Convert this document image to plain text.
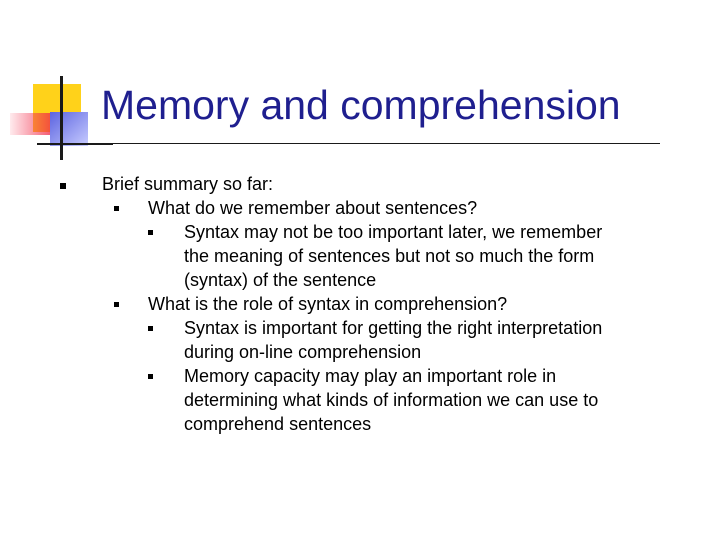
Memory and comprehension
Brief summary so far:
What do we remember about sentences?
Syntax may not be too important later, we remember the meaning of sentences but not so much the form (syntax) of the sentence
What is the role of syntax in comprehension?
Syntax is important for getting the right interpretation during on-line comprehension
Memory capacity may play an important role in determining what kinds of information we can use to comprehend sentences
